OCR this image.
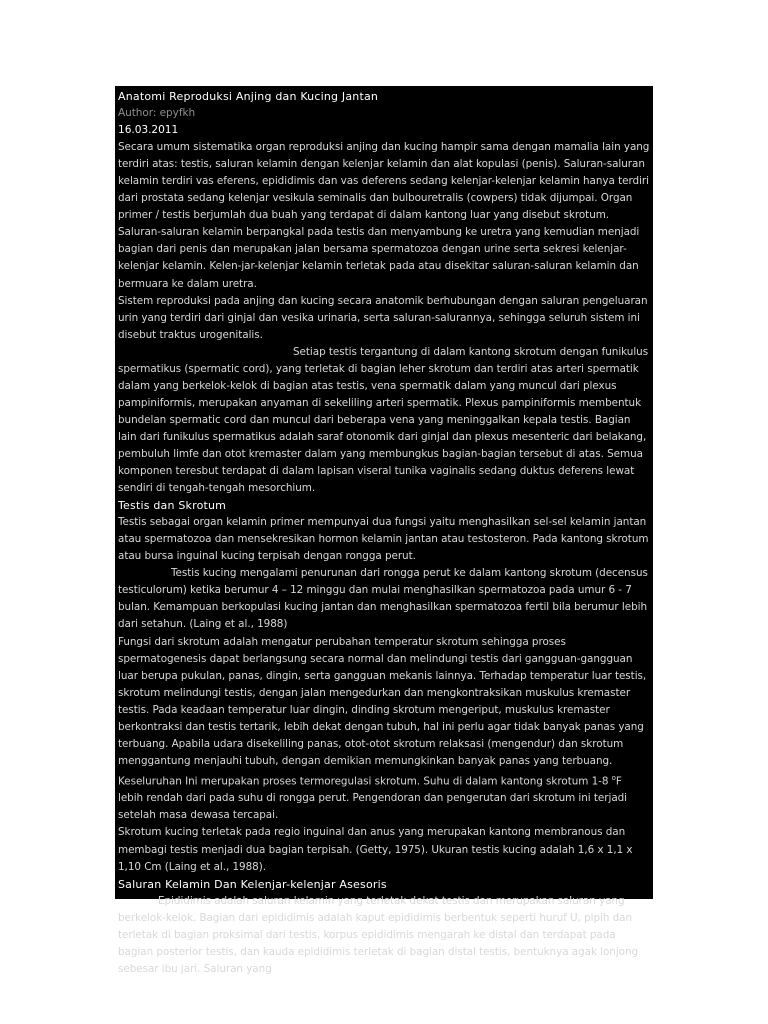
Anatomi Reproduksi Anjing dan Kucing Jantan

Author: epyfkh

16.03.2011

Secara umum sistematika organ reproduksi anjing dan kucing hampir sama dengan mamalia lain yang terdiri atas: testis, saluran kelamin dengan kelenjar kelamin dan alat kopulasi (penis). Saluran-saluran kelamin terdiri vas eferens, epididimis dan vas deferens sedang kelenjar-kelenjar kelamin hanya terdiri dari prostata sedang kelenjar vesikula seminalis dan bulbouretralis (cowpers) tidak dijumpai. Organ primer / testis berjumlah dua buah yang terdapat di dalam kantong luar yang disebut skrotum.

Saluran-saluran kelamin berpangkal pada testis dan menyambung ke uretra yang kemudian menjadi bagian dari penis dan merupakan jalan bersama spermatozoa dengan urine serta sekresi kelenjar-kelenjar kelamin. Kelen-jar-kelenjar kelamin terletak pada atau disekitar saluran-saluran kelamin dan bermuara ke dalam uretra.

Sistem reproduksi pada anjing dan kucing secara anatomik berhubungan dengan saluran pengeluaran urin yang terdiri dari ginjal dan vesika urinaria, serta saluran-salurannya, sehingga seluruh sistem ini disebut traktus urogenitalis.

Setiap testis tergantung di dalam kantong skrotum dengan funikulus spermatikus (spermatic cord), yang terletak di bagian leher skrotum dan terdiri atas arteri spermatik dalam yang berkelok-kelok di bagian atas testis, vena spermatik dalam yang muncul dari plexus pampiniformis, merupakan anyaman di sekeliling arteri spermatik. Plexus pampiniformis membentuk bundelan spermatic cord dan muncul dari beberapa vena yang meninggalkan kepala testis. Bagian lain dari funikulus spermatikus adalah saraf otonomik dari ginjal dan plexus mesenteric dari belakang, pembuluh limfe dan otot kremaster dalam yang membungkus bagian-bagian tersebut di atas. Semua komponen teresbut terdapat di dalam lapisan viseral tunika vaginalis sedang duktus deferens lewat sendiri di tengah-tengah mesorchium.

Testis dan Skrotum

Testis sebagai organ kelamin primer mempunyai dua fungsi yaitu menghasilkan sel-sel kelamin jantan atau spermatozoa dan mensekresikan hormon kelamin jantan atau testosteron. Pada kantong skrotum atau bursa inguinal kucing terpisah dengan rongga perut.

Testis kucing mengalami penurunan dari rongga perut ke dalam kantong skrotum (decensus testiculorum) ketika berumur 4 – 12 minggu dan mulai menghasilkan spermatozoa pada umur 6 - 7 bulan. Kemampuan berkopulasi kucing jantan dan menghasilkan spermatozoa fertil bila berumur lebih dari setahun. (Laing et al., 1988)

Fungsi dari skrotum adalah mengatur perubahan temperatur skrotum sehingga proses spermatogenesis dapat berlangsung secara normal dan melindungi testis dari gangguan-gangguan luar berupa pukulan, panas, dingin, serta gangguan mekanis lainnya. Terhadap temperatur luar testis, skrotum melindungi testis, dengan jalan mengedurkan dan mengkontraksikan muskulus kremaster testis. Pada keadaan temperatur luar dingin, dinding skrotum mengeriput, muskulus kremaster berkontraksi dan testis tertarik, lebih dekat dengan tubuh, hal ini perlu agar tidak banyak panas yang terbuang. Apabila udara disekeliling panas, otot-otot skrotum relaksasi (mengendur) dan skrotum menggantung menjauhi tubuh, dengan demikian memungkinkan banyak panas yang terbuang. Keseluruhan Ini merupakan proses termoregulasi skrotum. Suhu di dalam kantong skrotum 1-8 $^o$F lebih rendah dari pada suhu di rongga perut. Pengendoran dan pengerutan dari skrotum ini terjadi setelah masa dewasa tercapai.

Skrotum kucing terletak pada regio inguinal dan anus yang merupakan kantong membranous dan membagi testis menjadi dua bagian terpisah. (Getty, 1975). Ukuran testis kucing adalah 1,6 x 1,1 x 1,10 Cm (Laing et al., 1988).

Saluran Kelamin Dan Kelenjar-kelenjar Asesoris

Epididimis adalah saluran kelamin yang terletak dekat testis dan merupakan saluran yang berkelok-kelok. Bagian dari epididimis adalah kaput epididimis berbentuk seperti huruf U, pipih dan terletak di bagian proksimal dari testis, korpus epididimis mengarah ke distal dan terdapat pada bagian posterior testis, dan kauda epididimis terletak di bagian distal testis, bentuknya agak lonjong sebesar ibu jari. Saluran yang
